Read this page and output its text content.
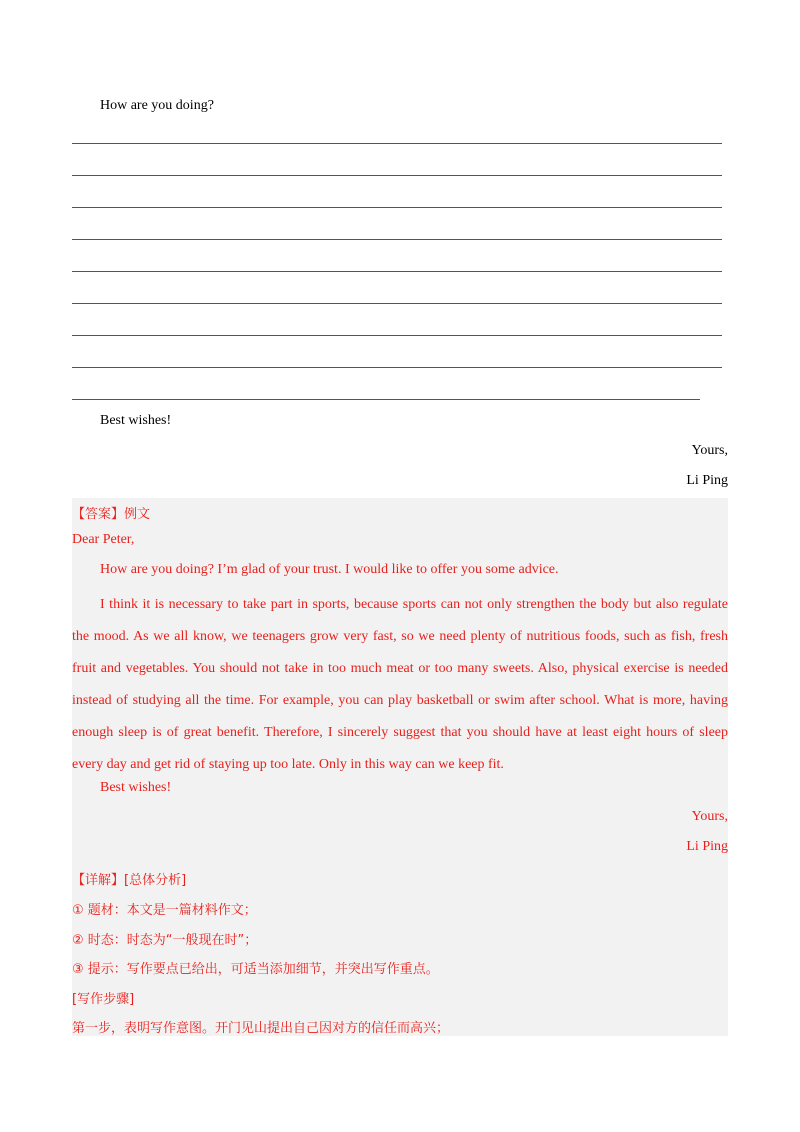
How are you doing?
Best wishes!
Yours,
Li Ping
【答案】例文
Dear Peter,
How are you doing? I’m glad of your trust. I would like to offer you some advice.
I think it is necessary to take part in sports, because sports can not only strengthen the body but also regulate the mood. As we all know, we teenagers grow very fast, so we need plenty of nutritious foods, such as fish, fresh fruit and vegetables. You should not take in too much meat or too many sweets. Also, physical exercise is needed instead of studying all the time. For example, you can play basketball or swim after school. What is more, having enough sleep is of great benefit. Therefore, I sincerely suggest that you should have at least eight hours of sleep every day and get rid of staying up too late. Only in this way can we keep fit.
Best wishes!
Yours,
Li Ping
【详解】[总体分析]
① 题材：本文是一篇材料作文；
② 时态：时态为“一般现在时”；
③ 提示：写作要点已给出，可适当添加细节，并突出写作重点。
[写作步骤]
第一步，表明写作意图。开门见山提出自己因对方的信任而高兴；
